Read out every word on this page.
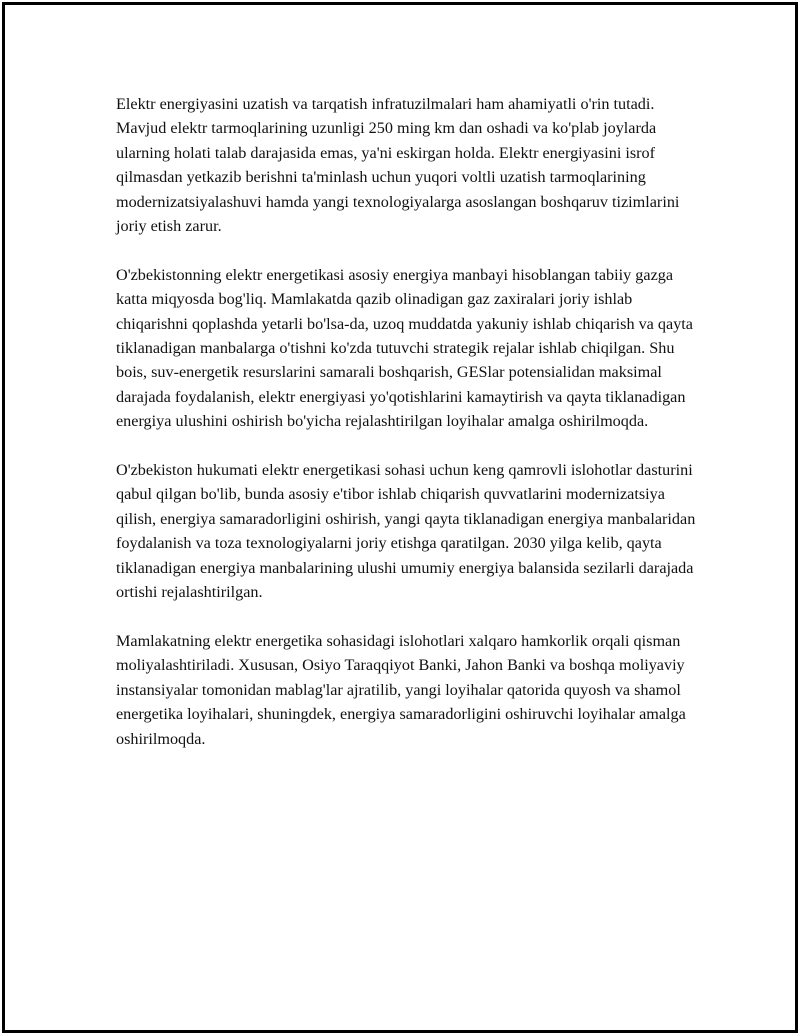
Elektr energiyasini uzatish va tarqatish infratuzilmalari ham ahamiyatli o'rin tutadi. Mavjud elektr tarmoqlarining uzunligi 250 ming km dan oshadi va ko'plab joylarda ularning holati talab darajasida emas, ya'ni eskirgan holda. Elektr energiyasini isrof qilmasdan yetkazib berishni ta'minlash uchun yuqori voltli uzatish tarmoqlarining modernizatsiyalashuvi hamda yangi texnologiyalarga asoslangan boshqaruv tizimlarini joriy etish zarur.

O'zbekistonning elektr energetikasi asosiy energiya manbayi hisoblangan tabiiy gazga katta miqyosda bog'liq. Mamlakatda qazib olinadigan gaz zaxiralari joriy ishlab chiqarishni qoplashda yetarli bo'lsa-da, uzoq muddatda yakuniy ishlab chiqarish va qayta tiklanadigan manbalarga o'tishni ko'zda tutuvchi strategik rejalar ishlab chiqilgan. Shu bois, suv-energetik resurslarini samarali boshqarish, GESlar potensialidan maksimal darajada foydalanish, elektr energiyasi yo'qotishlarini kamaytirish va qayta tiklanadigan energiya ulushini oshirish bo'yicha rejalashtirilgan loyihalar amalga oshirilmoqda.

O'zbekiston hukumati elektr energetikasi sohasi uchun keng qamrovli islohotlar dasturini qabul qilgan bo'lib, bunda asosiy e'tibor ishlab chiqarish quvvatlarini modernizatsiya qilish, energiya samaradorligini oshirish, yangi qayta tiklanadigan energiya manbalaridan foydalanish va toza texnologiyalarni joriy etishga qaratilgan. 2030 yilga kelib, qayta tiklanadigan energiya manbalarining ulushi umumiy energiya balansida sezilarli darajada ortishi rejalashtirilgan.

Mamlakatning elektr energetika sohasidagi islohotlari xalqaro hamkorlik orqali qisman moliyalashtiriladi. Xususan, Osiyo Taraqqiyot Banki, Jahon Banki va boshqa moliyaviy instansiyalar tomonidan mablag'lar ajratilib, yangi loyihalar qatorida quyosh va shamol energetika loyihalari, shuningdek, energiya samaradorligini oshiruvchi loyihalar amalga oshirilmoqda.
